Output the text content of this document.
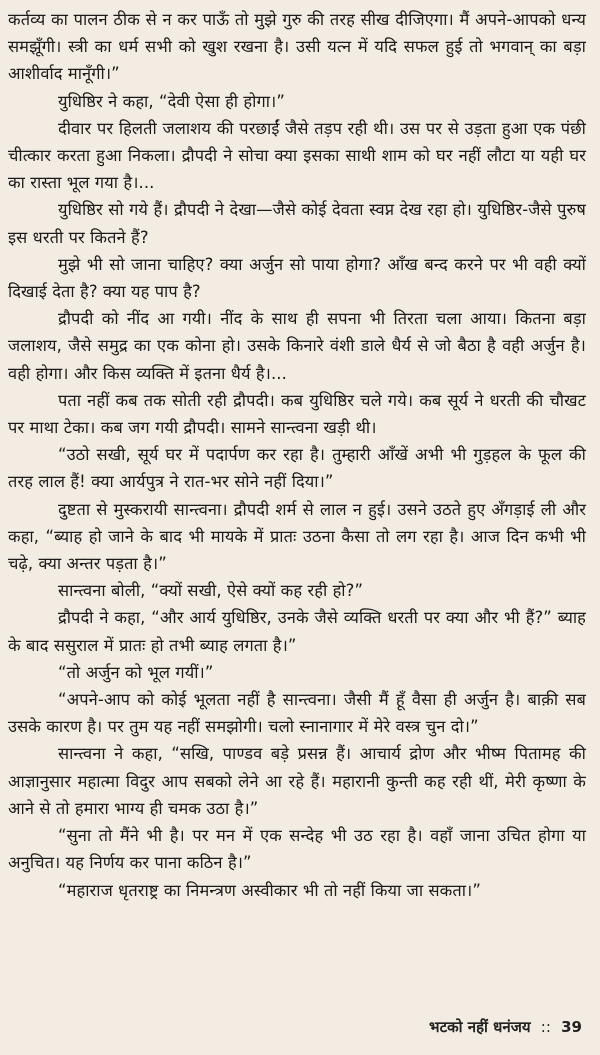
कर्तव्य का पालन ठीक से न कर पाऊँ तो मुझे गुरु की तरह सीख दीजिएगा। मैं अपने-आपको धन्य समझूँगी। स्त्री का धर्म सभी को खुश रखना है। उसी यत्न में यदि सफल हुई तो भगवान् का बड़ा आशीर्वाद मानूँगी।”

युधिष्ठिर ने कहा, “देवी ऐसा ही होगा।”

दीवार पर हिलती जलाशय की परछाईं जैसे तड़प रही थी। उस पर से उड़ता हुआ एक पंछी चीत्कार करता हुआ निकला। द्रौपदी ने सोचा क्या इसका साथी शाम को घर नहीं लौटा या यही घर का रास्ता भूल गया है।...

युधिष्ठिर सो गये हैं। द्रौपदी ने देखा—जैसे कोई देवता स्वप्न देख रहा हो। युधिष्ठिर-जैसे पुरुष इस धरती पर कितने हैं?

मुझे भी सो जाना चाहिए? क्या अर्जुन सो पाया होगा? आँख बन्द करने पर भी वही क्यों दिखाई देता है? क्या यह पाप है?

द्रौपदी को नींद आ गयी। नींद के साथ ही सपना भी तिरता चला आया। कितना बड़ा जलाशय, जैसे समुद्र का एक कोना हो। उसके किनारे वंशी डाले धैर्य से जो बैठा है वही अर्जुन है। वही होगा। और किस व्यक्ति में इतना धैर्य है।...

पता नहीं कब तक सोती रही द्रौपदी। कब युधिष्ठिर चले गये। कब सूर्य ने धरती की चौखट पर माथा टेका। कब जग गयी द्रौपदी। सामने सान्त्वना खड़ी थी।

“उठो सखी, सूर्य घर में पदार्पण कर रहा है। तुम्हारी आँखें अभी भी गुड़हल के फूल की तरह लाल हैं! क्या आर्यपुत्र ने रात-भर सोने नहीं दिया।”

दुष्टता से मुस्करायी सान्त्वना। द्रौपदी शर्म से लाल न हुई। उसने उठते हुए अँगड़ाई ली और कहा, “ब्याह हो जाने के बाद भी मायके में प्रातः उठना कैसा तो लग रहा है। आज दिन कभी भी चढ़े, क्या अन्तर पड़ता है।”

सान्त्वना बोली, “क्यों सखी, ऐसे क्यों कह रही हो?”

द्रौपदी ने कहा, “और आर्य युधिष्ठिर, उनके जैसे व्यक्ति धरती पर क्या और भी हैं?” ब्याह के बाद ससुराल में प्रातः हो तभी ब्याह लगता है।”

“तो अर्जुन को भूल गयीं।”

“अपने-आप को कोई भूलता नहीं है सान्त्वना। जैसी मैं हूँ वैसा ही अर्जुन है। बाक़ी सब उसके कारण है। पर तुम यह नहीं समझोगी। चलो स्नानागार में मेरे वस्त्र चुन दो।”

सान्त्वना ने कहा, “सखि, पाण्डव बड़े प्रसन्न हैं। आचार्य द्रोण और भीष्म पितामह की आज्ञानुसार महात्मा विदुर आप सबको लेने आ रहे हैं। महारानी कुन्ती कह रही थीं, मेरी कृष्णा के आने से तो हमारा भाग्य ही चमक उठा है।”

“सुना तो मैंने भी है। पर मन में एक सन्देह भी उठ रहा है। वहाँ जाना उचित होगा या अनुचित। यह निर्णय कर पाना कठिन है।”

“महाराज धृतराष्ट्र का निमन्त्रण अस्वीकार भी तो नहीं किया जा सकता।”

भटको नहीं धनंजय :: 39
